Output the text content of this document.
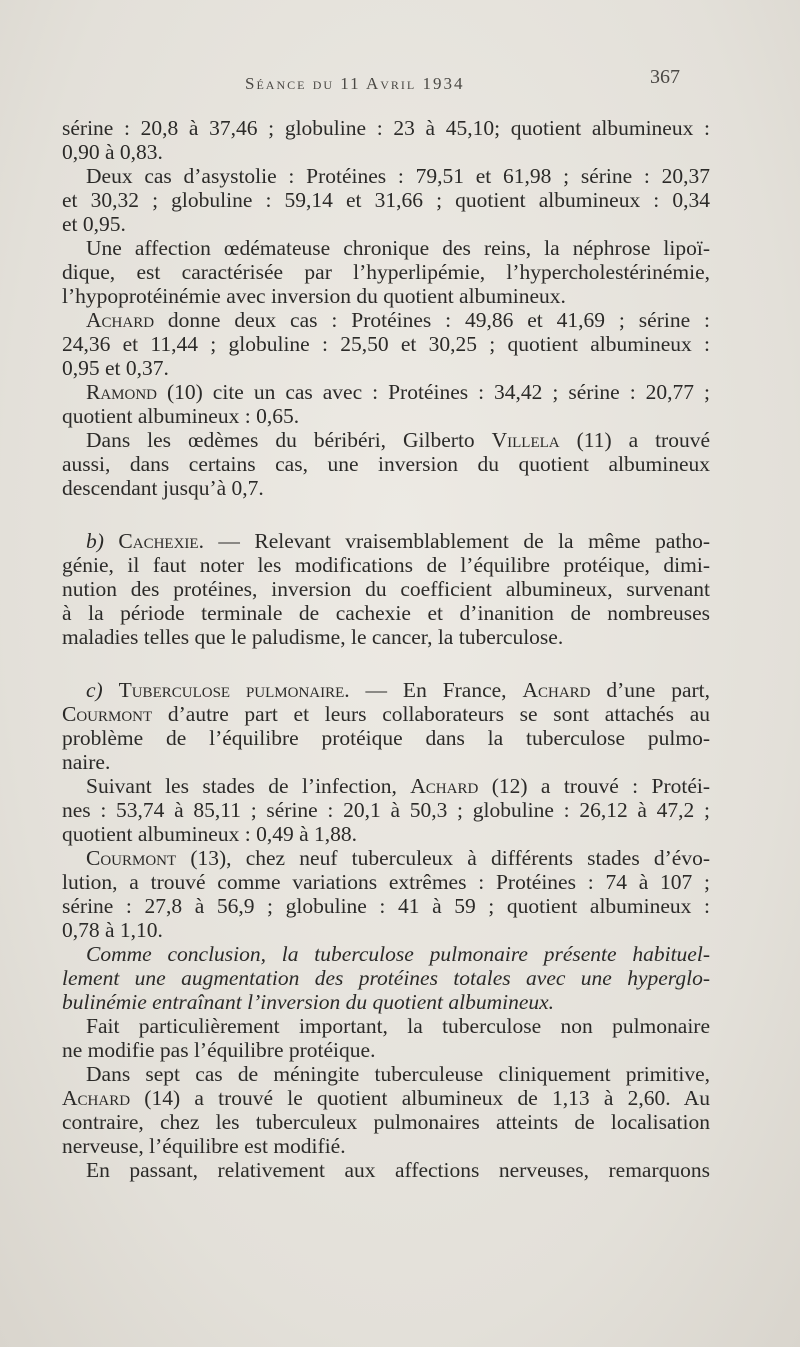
Séance du 11 Avril 1934	367
sérine : 20,8 à 37,46 ; globuline : 23 à 45,10; quotient albumineux :
0,90 à 0,83.
Deux cas d’asystolie : Protéines : 79,51 et 61,98 ; sérine : 20,37
et 30,32 ; globuline : 59,14 et 31,66 ; quotient albumineux : 0,34
et 0,95.
Une affection œdémateuse chronique des reins, la néphrose lipoï-
dique, est caractérisée par l’hyperlipémie, l’hypercholestérinémie,
l’hypoprotéinémie avec inversion du quotient albumineux.
Achard donne deux cas : Protéines : 49,86 et 41,69 ; sérine :
24,36 et 11,44 ; globuline : 25,50 et 30,25 ; quotient albumineux :
0,95 et 0,37.
Ramond (10) cite un cas avec : Protéines : 34,42 ; sérine : 20,77 ;
quotient albumineux : 0,65.
Dans les œdèmes du béribéri, Gilberto Villela (11) a trouvé
aussi, dans certains cas, une inversion du quotient albumineux
descendant jusqu’à 0,7.
b) Cachexie. — Relevant vraisemblablement de la même patho-
génie, il faut noter les modifications de l’équilibre protéique, dimi-
nution des protéines, inversion du coefficient albumineux, survenant
à la période terminale de cachexie et d’inanition de nombreuses
maladies telles que le paludisme, le cancer, la tuberculose.
c) Tuberculose pulmonaire. — En France, Achard d’une part,
Courmont d’autre part et leurs collaborateurs se sont attachés au
problème de l’équilibre protéique dans la tuberculose pulmo-
naire.
Suivant les stades de l’infection, Achard (12) a trouvé : Protéi-
nes : 53,74 à 85,11 ; sérine : 20,1 à 50,3 ; globuline : 26,12 à 47,2 ;
quotient albumineux : 0,49 à 1,88.
Courmont (13), chez neuf tuberculeux à différents stades d’évo-
lution, a trouvé comme variations extrêmes : Protéines : 74 à 107 ;
sérine : 27,8 à 56,9 ; globuline : 41 à 59 ; quotient albumineux :
0,78 à 1,10.
Comme conclusion, la tuberculose pulmonaire présente habituel-
lement une augmentation des protéines totales avec une hyperglo-
bulinémie entraînant l’inversion du quotient albumineux.
Fait particulièrement important, la tuberculose non pulmonaire
ne modifie pas l’équilibre protéique.
Dans sept cas de méningite tuberculeuse cliniquement primitive,
Achard (14) a trouvé le quotient albumineux de 1,13 à 2,60. Au
contraire, chez les tuberculeux pulmonaires atteints de localisation
nerveuse, l’équilibre est modifié.
En passant, relativement aux affections nerveuses, remarquons
